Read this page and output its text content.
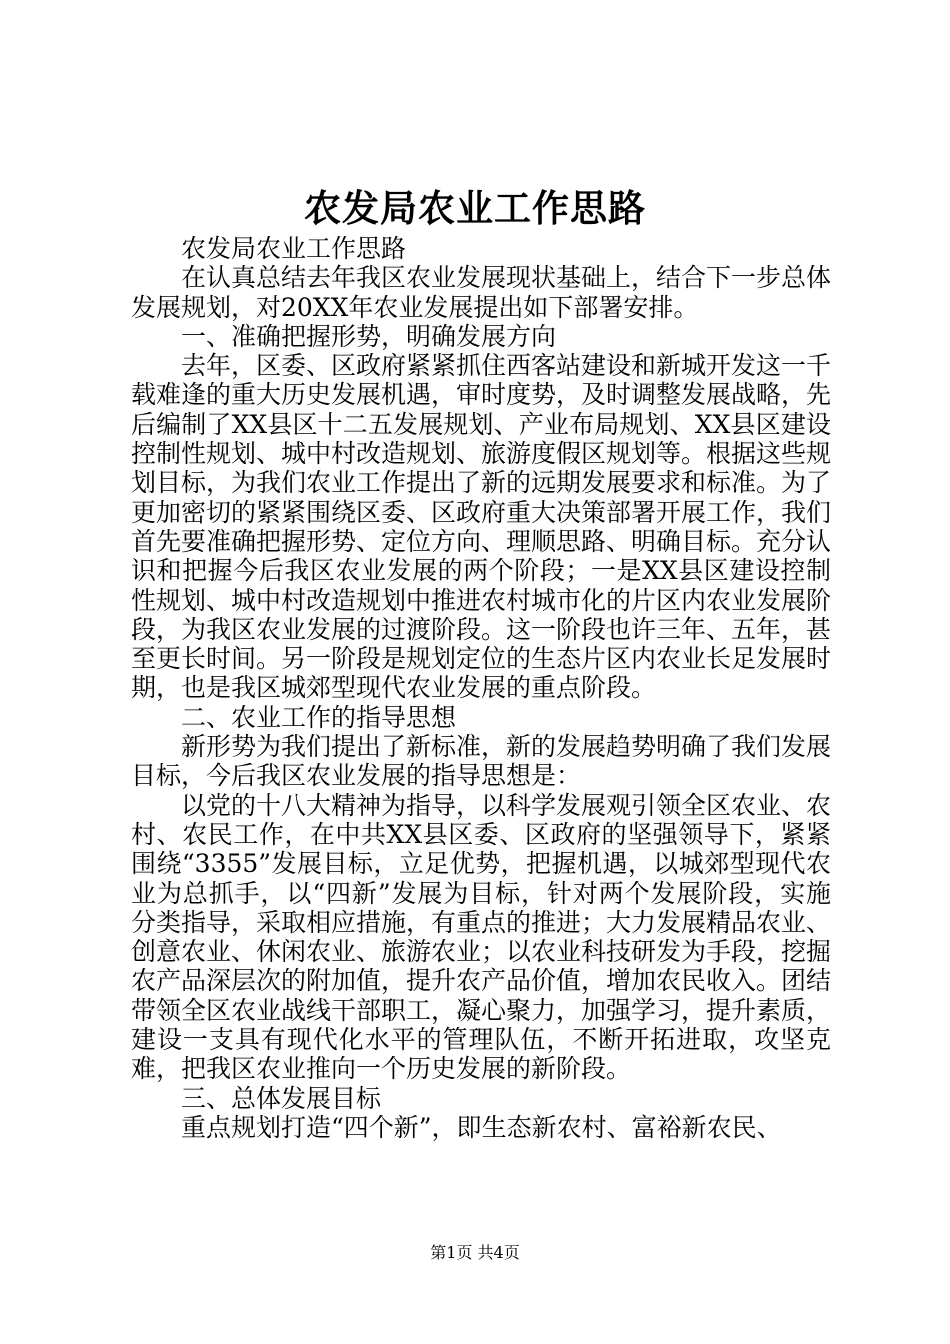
农发局农业工作思路

农发局农业工作思路

在认真总结去年我区农业发展现状基础上，结合下一步总体发展规划，对20XX年农业发展提出如下部署安排。

一、准确把握形势，明确发展方向

去年，区委、区政府紧紧抓住西客站建设和新城开发这一千载难逢的重大历史发展机遇，审时度势，及时调整发展战略，先后编制了XX县区十二五发展规划、产业布局规划、XX县区建设控制性规划、城中村改造规划、旅游度假区规划等。根据这些规划目标，为我们农业工作提出了新的远期发展要求和标准。为了更加密切的紧紧围绕区委、区政府重大决策部署开展工作，我们首先要准确把握形势、定位方向、理顺思路、明确目标。充分认识和把握今后我区农业发展的两个阶段；一是XX县区建设控制性规划、城中村改造规划中推进农村城市化的片区内农业发展阶段，为我区农业发展的过渡阶段。这一阶段也许三年、五年，甚至更长时间。另一阶段是规划定位的生态片区内农业长足发展时期，也是我区城郊型现代农业发展的重点阶段。

二、农业工作的指导思想

新形势为我们提出了新标准，新的发展趋势明确了我们发展目标，今后我区农业发展的指导思想是：

以党的十八大精神为指导，以科学发展观引领全区农业、农村、农民工作，在中共XX县区委、区政府的坚强领导下，紧紧围绕“3355”发展目标，立足优势，把握机遇，以城郊型现代农业为总抓手，以“四新”发展为目标，针对两个发展阶段，实施分类指导，采取相应措施，有重点的推进；大力发展精品农业、创意农业、休闲农业、旅游农业；以农业科技研发为手段，挖掘农产品深层次的附加值，提升农产品价值，增加农民收入。团结带领全区农业战线干部职工，凝心聚力，加强学习，提升素质，建设一支具有现代化水平的管理队伍，不断开拓进取，攻坚克难，把我区农业推向一个历史发展的新阶段。

三、总体发展目标

重点规划打造“四个新”，即生态新农村、富裕新农民、

第1页 共4页
